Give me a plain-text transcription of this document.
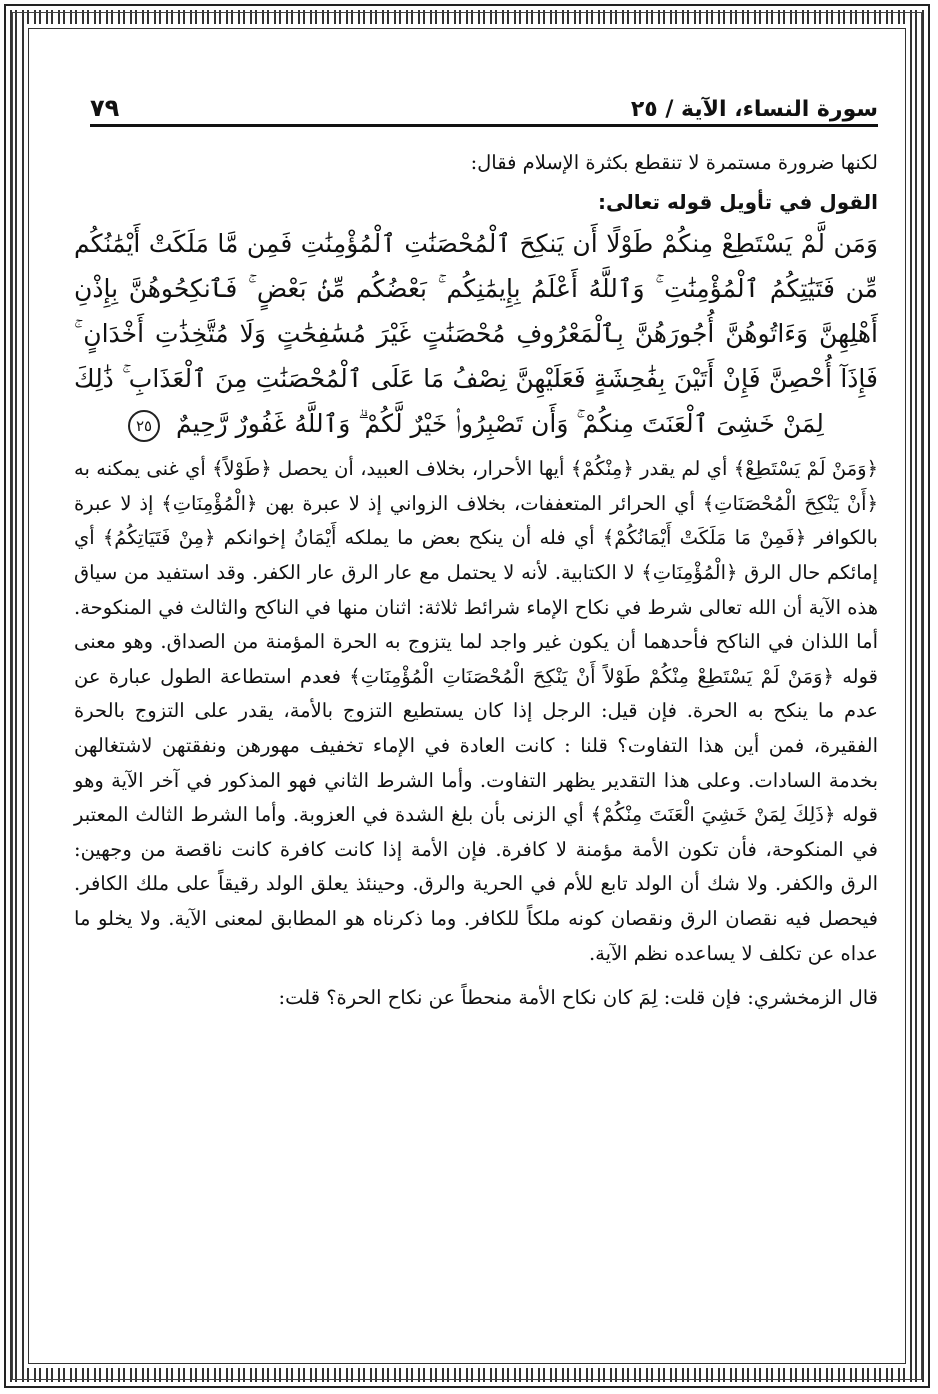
سورة النساء، الآية / ٢٥
٧٩

لكنها ضرورة مستمرة لا تنقطع بكثرة الإسلام فقال:

القول في تأويل قوله تعالى:

وَمَن لَّمْ يَسْتَطِعْ مِنكُمْ طَوْلًا أَن يَنكِحَ ٱلْمُحْصَنَٰتِ ٱلْمُؤْمِنَٰتِ فَمِن مَّا مَلَكَتْ أَيْمَٰنُكُم مِّن فَتَيَٰتِكُمُ ٱلْمُؤْمِنَٰتِ ۚ وَٱللَّهُ أَعْلَمُ بِإِيمَٰنِكُم ۚ بَعْضُكُم مِّنۢ بَعْضٍ ۚ فَٱنكِحُوهُنَّ بِإِذْنِ أَهْلِهِنَّ وَءَاتُوهُنَّ أُجُورَهُنَّ بِٱلْمَعْرُوفِ مُحْصَنَٰتٍ غَيْرَ مُسَٰفِحَٰتٍ وَلَا مُتَّخِذَٰتِ أَخْدَانٍ ۚ فَإِذَآ أُحْصِنَّ فَإِنْ أَتَيْنَ بِفَٰحِشَةٍ فَعَلَيْهِنَّ نِصْفُ مَا عَلَى ٱلْمُحْصَنَٰتِ مِنَ ٱلْعَذَابِ ۚ ذَٰلِكَ لِمَنْ خَشِىَ ٱلْعَنَتَ مِنكُمْ ۚ وَأَن تَصْبِرُوا۟ خَيْرٌ لَّكُمْ ۗ وَٱللَّهُ غَفُورٌ رَّحِيمٌ ٢٥

﴿وَمَنْ لَمْ يَسْتَطِعْ﴾ أي لم يقدر ﴿مِنْكُمْ﴾ أيها الأحرار، بخلاف العبيد، أن يحصل ﴿طَوْلاً﴾ أي غنى يمكنه به ﴿أَنْ يَنْكِحَ الْمُحْصَنَاتِ﴾ أي الحرائر المتعففات، بخلاف الزواني إذ لا عبرة بهن ﴿الْمُؤْمِنَاتِ﴾ إذ لا عبرة بالكوافر ﴿فَمِنْ مَا مَلَكَتْ أَيْمَانُكُمْ﴾ أي فله أن ينكح بعض ما يملكه أَيْمَانُ إخوانكم ﴿مِنْ فَتَيَاتِكُمُ﴾ أي إمائكم حال الرق ﴿الْمُؤْمِنَاتِ﴾ لا الكتابية. لأنه لا يحتمل مع عار الرق عار الكفر. وقد استفيد من سياق هذه الآية أن الله تعالى شرط في نكاح الإماء شرائط ثلاثة: اثنان منها في الناكح والثالث في المنكوحة. أما اللذان في الناكح فأحدهما أن يكون غير واجد لما يتزوج به الحرة المؤمنة من الصداق. وهو معنى قوله ﴿وَمَنْ لَمْ يَسْتَطِعْ مِنْكُمْ طَوْلاً أَنْ يَنْكِحَ الْمُحْصَنَاتِ الْمُؤْمِنَاتِ﴾ فعدم استطاعة الطول عبارة عن عدم ما ينكح به الحرة. فإن قيل: الرجل إذا كان يستطيع التزوج بالأمة، يقدر على التزوج بالحرة الفقيرة، فمن أين هذا التفاوت؟ قلنا : كانت العادة في الإماء تخفيف مهورهن ونفقتهن لاشتغالهن بخدمة السادات. وعلى هذا التقدير يظهر التفاوت. وأما الشرط الثاني فهو المذكور في آخر الآية وهو قوله ﴿ذَلِكَ لِمَنْ خَشِيَ الْعَنَتَ مِنْكُمْ﴾ أي الزنى بأن بلغ الشدة في العزوبة. وأما الشرط الثالث المعتبر في المنكوحة، فأن تكون الأمة مؤمنة لا كافرة. فإن الأمة إذا كانت كافرة كانت ناقصة من وجهين: الرق والكفر. ولا شك أن الولد تابع للأم في الحرية والرق. وحينئذ يعلق الولد رقيقاً على ملك الكافر. فيحصل فيه نقصان الرق ونقصان كونه ملكاً للكافر. وما ذكرناه هو المطابق لمعنى الآية. ولا يخلو ما عداه عن تكلف لا يساعده نظم الآية.

قال الزمخشري: فإن قلت: لِمَ كان نكاح الأمة منحطاً عن نكاح الحرة؟ قلت:
